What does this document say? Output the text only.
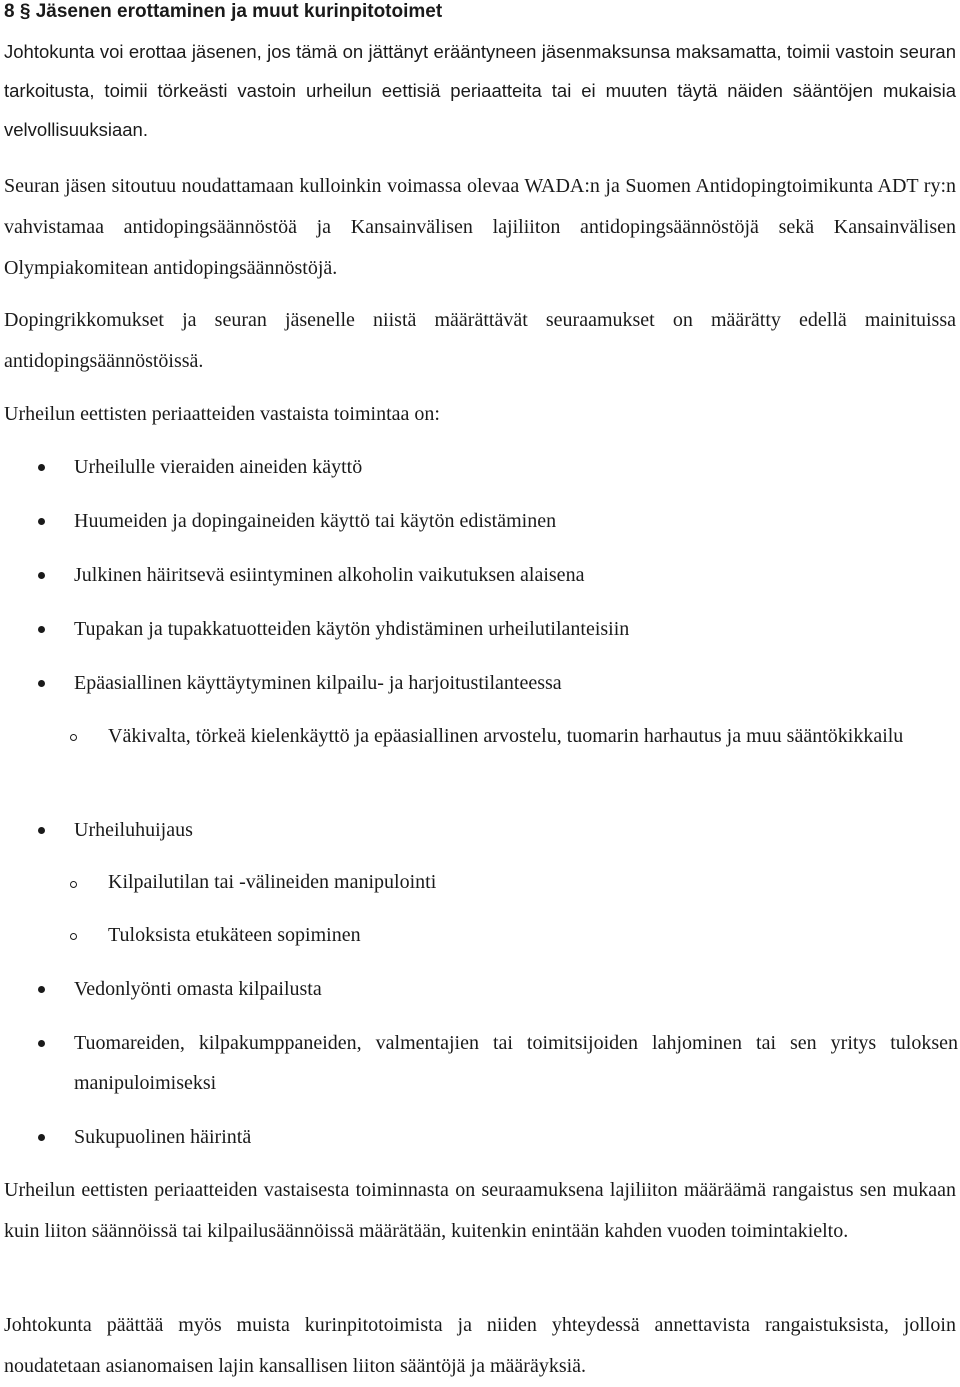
8 § Jäsenen erottaminen ja muut kurinpitotoimet
Johtokunta voi erottaa jäsenen, jos tämä on jättänyt erääntyneen jäsenmaksunsa maksamatta, toimii vastoin seuran tarkoitusta, toimii törkeästi vastoin urheilun eettisiä periaatteita tai ei muuten täytä näiden sääntöjen mukaisia velvollisuuksiaan.
Seuran jäsen sitoutuu noudattamaan kulloinkin voimassa olevaa WADA:n ja Suomen Antidopingtoimikunta ADT ry:n vahvistamaa antidopingsäännöstöä ja Kansainvälisen lajiliiton antidopingsäännöstöjä sekä Kansainvälisen Olympiakomitean antidopingsäännöstöjä.
Dopingrikkomukset ja seuran jäsenelle niistä määrättävät seuraamukset on määrätty edellä mainituissa antidopingsäännöstöissä.
Urheilun eettisten periaatteiden vastaista toimintaa on:
Urheilulle vieraiden aineiden käyttö
Huumeiden ja dopingaineiden käyttö tai käytön edistäminen
Julkinen häiritsevä esiintyminen alkoholin vaikutuksen alaisena
Tupakan ja tupakkatuotteiden käytön yhdistäminen urheilutilanteisiin
Epäasiallinen käyttäytyminen kilpailu- ja harjoitustilanteessa
Väkivalta, törkeä kielenkäyttö ja epäasiallinen arvostelu, tuomarin harhautus ja muu sääntökikkailu
Urheiluhuijaus
Kilpailutilan tai -välineiden manipulointi
Tuloksista etukäteen sopiminen
Vedonlyönti omasta kilpailusta
Tuomareiden, kilpakumppaneiden, valmentajien tai toimitsijoiden lahjominen tai sen yritys tuloksen manipuloimiseksi
Sukupuolinen häirintä
Urheilun eettisten periaatteiden vastaisesta toiminnasta on seuraamuksena lajiliiton määräämä rangaistus sen mukaan kuin liiton säännöissä tai kilpailusäännöissä määrätään, kuitenkin enintään kahden vuoden toimintakielto.
Johtokunta päättää myös muista kurinpitotoimista ja niiden yhteydessä annettavista rangaistuksista, jolloin noudatetaan asianomaisen lajin kansallisen liiton sääntöjä ja määräyksiä.
